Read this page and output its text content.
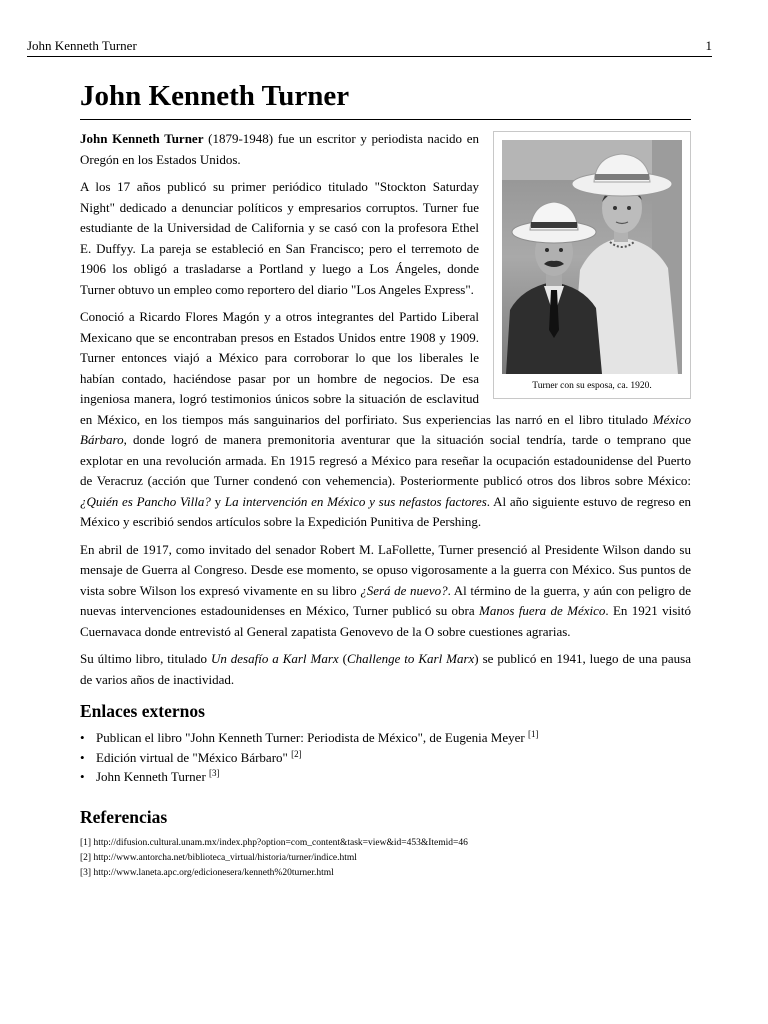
John Kenneth Turner	1
John Kenneth Turner
Turner con su esposa, ca. 1920.

John Kenneth Turner (1879-1948) fue un escritor y periodista nacido en Oregón en los Estados Unidos.

A los 17 años publicó su primer periódico titulado "Stockton Saturday Night" dedicado a denunciar políticos y empresarios corruptos. Turner fue estudiante de la Universidad de California y se casó con la profesora Ethel E. Duffyy. La pareja se estableció en San Francisco; pero el terremoto de 1906 los obligó a trasladarse a Portland y luego a Los Ángeles, donde Turner obtuvo un empleo como reportero del diario "Los Angeles Express".

Conoció a Ricardo Flores Magón y a otros integrantes del Partido Liberal Mexicano que se encontraban presos en Estados Unidos entre 1908 y 1909. Turner entonces viajó a México para corroborar lo que los liberales le habían contado, haciéndose pasar por un hombre de negocios. De esa ingeniosa manera, logró testimonios únicos sobre la situación de esclavitud en México, en los tiempos más sanguinarios del porfiriato. Sus experiencias las narró en el libro titulado México Bárbaro, donde logró de manera premonitoria aventurar que la situación social tendría, tarde o temprano que explotar en una revolución armada. En 1915 regresó a México para reseñar la ocupación estadounidense del Puerto de Veracruz (acción que Turner condenó con vehemencia). Posteriormente publicó otros dos libros sobre México: ¿Quién es Pancho Villa? y La intervención en México y sus nefastos factores. Al año siguiente estuvo de regreso en México y escribió sendos artículos sobre la Expedición Punitiva de Pershing.

En abril de 1917, como invitado del senador Robert M. LaFollette, Turner presenció al Presidente Wilson dando su mensaje de Guerra al Congreso. Desde ese momento, se opuso vigorosamente a la guerra con México. Sus puntos de vista sobre Wilson los expresó vivamente en su libro ¿Será de nuevo?. Al término de la guerra, y aún con peligro de nuevas intervenciones estadounidenses en México, Turner publicó su obra Manos fuera de México. En 1921 visitó Cuernavaca donde entrevistó al General zapatista Genovevo de la O sobre cuestiones agrarias.

Su último libro, titulado Un desafío a Karl Marx (Challenge to Karl Marx) se publicó en 1941, luego de una pausa de varios años de inactividad.

Enlaces externos
• Publican el libro "John Kenneth Turner: Periodista de México", de Eugenia Meyer [1]
• Edición virtual de "México Bárbaro" [2]
• John Kenneth Turner [3]
Referencias
[1] http://difusion.cultural.unam.mx/index.php?option=com_content&task=view&id=453&Itemid=46
[2] http://www.antorcha.net/biblioteca_virtual/historia/turner/indice.html
[3] http://www.laneta.apc.org/edicionesera/kenneth%20turner.html
